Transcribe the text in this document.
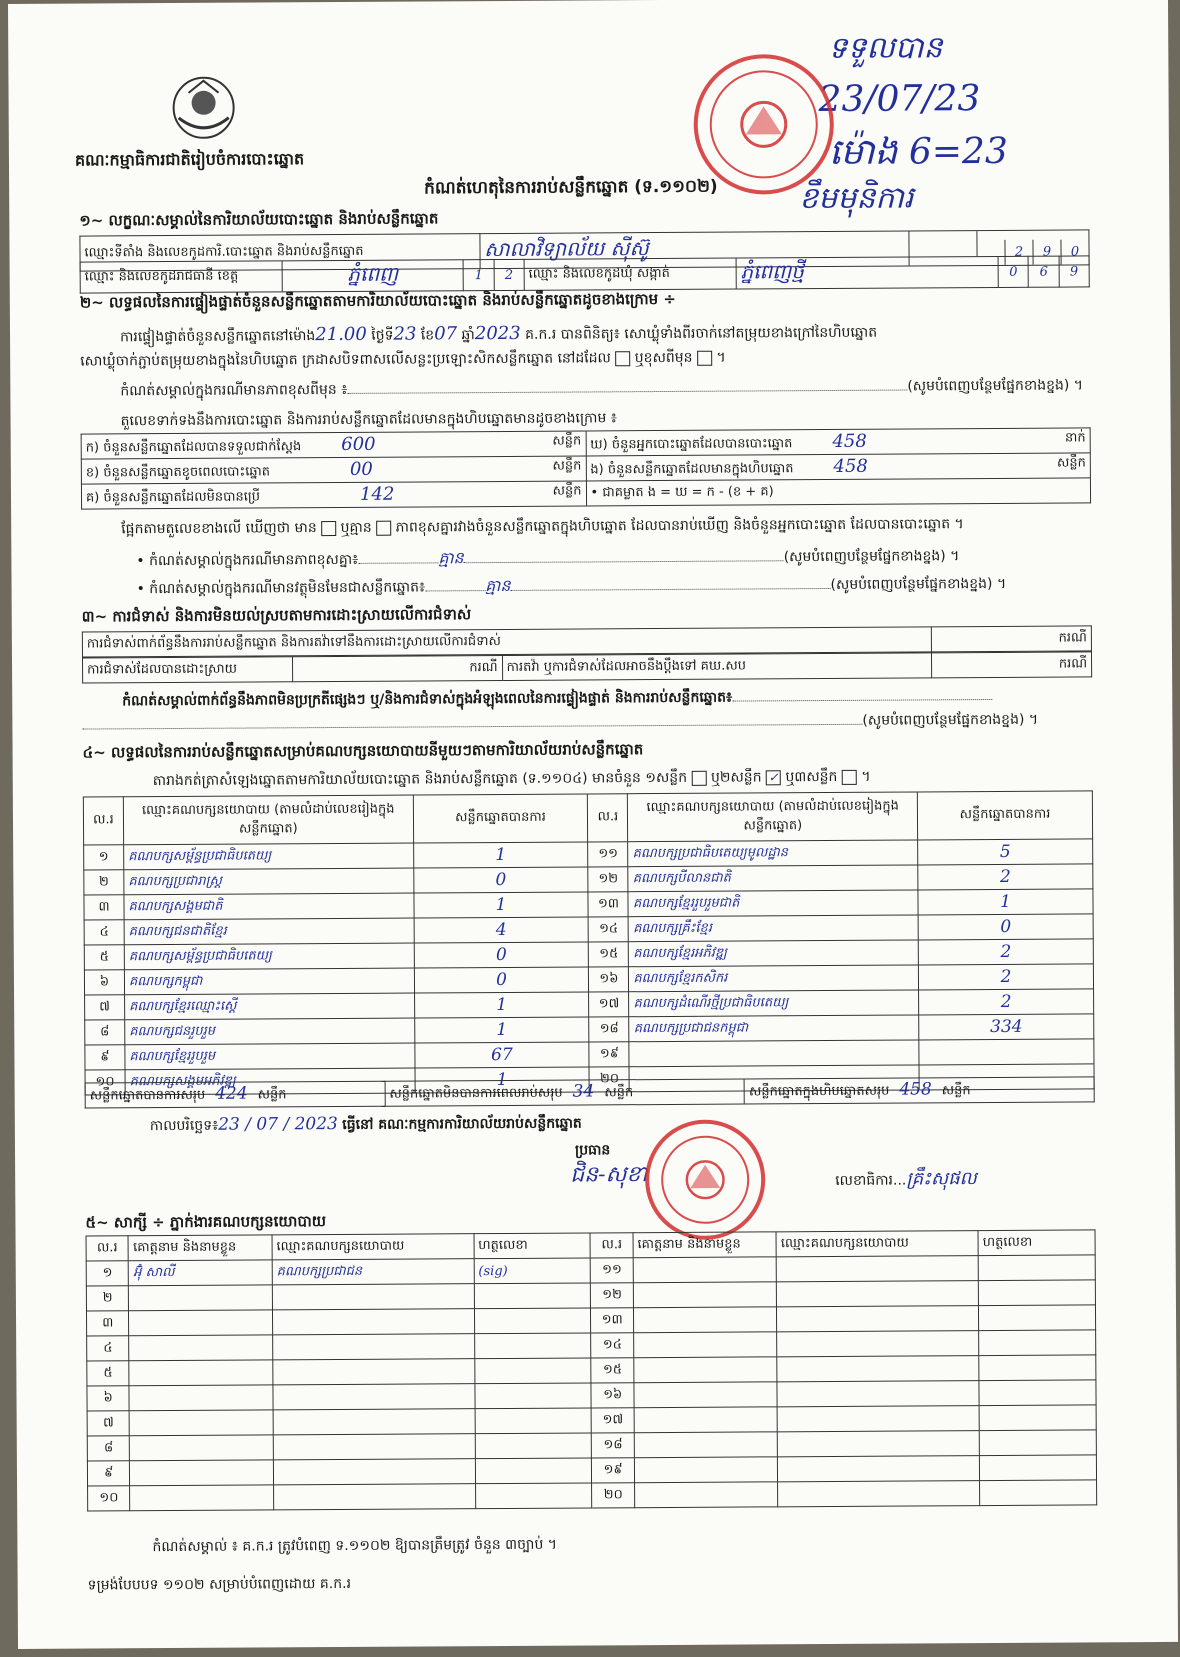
គណៈកម្មាធិការជាតិរៀបចំការបោះឆ្នោត
កំណត់ហេតុនៃការរាប់សន្លឹកឆ្នោត (ទ.១១០២)
ទទួលបាន
23/07/23
ម៉ោង 6=23
ខឹមមុនិការ
១~ លក្ខណៈសម្គាល់នៃការិយាល័យបោះឆ្នោត និងរាប់សន្លឹកឆ្នោត
ឈ្មោះទីតាំង និងលេខកូដការិ.បោះឆ្នោត និងរាប់សន្លឹកឆ្នោត	សាលាវិទ្យាល័យ ស៊ីស៊ូ	2 9 0
ឈ្មោះ និងលេខកូដរាជធានី ខេត្ត	ភ្នំពេញ	1	2	ឈ្មោះ និងលេខកូដឃុំ សង្កាត់	ភ្នំពេញថ្មី	0	6	9
២~ លទ្ធផលនៃការផ្ទៀងផ្ទាត់ចំនួនសន្លឹកឆ្នោតតាមការិយាល័យបោះឆ្នោត និងរាប់សន្លឹកឆ្នោតដូចខាងក្រោម ÷
ការផ្ទៀងផ្ទាត់ចំនួនសន្លឹកឆ្នោតនៅម៉ោង21.00 ថ្ងៃទី23 ខែ07 ឆ្នាំ2023 គ.ក.រ បានពិនិត្យ៖ សោឃ្លុំទាំងពីរចាក់នៅតម្រុយខាងក្រៅនៃហិបឆ្នោត
សោឃ្លុំចាក់ភ្ជាប់តម្រុយខាងក្នុងនៃហិបឆ្នោត ក្រដាសបិទពាសលើសន្លះប្រឡោះសិកសន្លឹកឆ្នោត នៅដដែល ឬខុសពីមុន  ។
កំណត់សម្គាល់ក្នុងករណីមានភាពខុសពីមុន ៖	(សូមបំពេញបន្ថែមផ្នែកខាងខ្នង) ។
តួលេខទាក់ទងនឹងការបោះឆ្នោត និងការរាប់សន្លឹកឆ្នោតដែលមានក្នុងហិបឆ្នោតមានដូចខាងក្រោម ៖
ក) ចំនួនសន្លឹកឆ្នោតដែលបានទទួលជាក់ស្តែង 600 សន្លឹក	ឃ) ចំនួនអ្នកបោះឆ្នោតដែលបានបោះឆ្នោត 458 នាក់

ខ) ចំនួនសន្លឹកឆ្នោតខូចពេលបោះឆ្នោត 00 សន្លឹក	ង) ចំនួនសន្លឹកឆ្នោតដែលមានក្នុងហិបឆ្នោត 458 សន្លឹក

គ) ចំនួនសន្លឹកឆ្នោតដែលមិនបានប្រើ 142 សន្លឹក	• ជាគម្លាត ង = ឃ = ក - (ខ + គ)
ផ្អែកតាមតួលេខខាងលើ ឃើញថា មាន ឬគ្មាន ភាពខុសគ្នារវាងចំនួនសន្លឹកឆ្នោតក្នុងហិបឆ្នោត ដែលបានរាប់ឃើញ និងចំនួនអ្នកបោះឆ្នោត ដែលបានបោះឆ្នោត ។
• កំណត់សម្គាល់ក្នុងករណីមានភាពខុសគ្នា៖	គ្មាន	(សូមបំពេញបន្ថែមផ្នែកខាងខ្នង) ។
• កំណត់សម្គាល់ក្នុងករណីមានវត្ថុមិនមែនជាសន្លឹកឆ្នោត៖	គ្មាន	(សូមបំពេញបន្ថែមផ្នែកខាងខ្នង) ។
៣~ ការជំទាស់ និងការមិនយល់ស្របតាមការដោះស្រាយលើការជំទាស់
ការជំទាស់ពាក់ព័ន្ធនឹងការរាប់សន្លឹកឆ្នោត និងការតវ៉ាទៅនឹងការដោះស្រាយលើការជំទាស់	ករណី
ការជំទាស់ដែលបានដោះស្រាយ	ករណី	ការតវ៉ា ឬការជំទាស់ដែលអាចនឹងប្តឹងទៅ គឃ.សប	ករណី
កំណត់សម្គាល់ពាក់ព័ន្ធនឹងភាពមិនប្រក្រតីផ្សេងៗ ឬ/និងការជំទាស់ក្នុងអំឡុងពេលនៃការផ្ទៀងផ្ទាត់ និងការរាប់សន្លឹកឆ្នោត៖
(សូមបំពេញបន្ថែមផ្នែកខាងខ្នង) ។
៤~ លទ្ធផលនៃការរាប់សន្លឹកឆ្នោតសម្រាប់គណបក្សនយោបាយនីមួយៗតាមការិយាល័យរាប់សន្លឹកឆ្នោត
តារាងកត់ត្រាសំឡេងឆ្នោតតាមការិយាល័យបោះឆ្នោត និងរាប់សន្លឹកឆ្នោត (ទ.១១០៤) មានចំនួន ១សន្លឹក ឬ២សន្លឹក ✓ ឬ៣សន្លឹក  ។
ល.រ	ឈ្មោះគណបក្សនយោបាយ (តាមលំដាប់លេខរៀងក្នុងសន្លឹកឆ្នោត)	សន្លឹកឆ្នោតបានការ	ល.រ	ឈ្មោះគណបក្សនយោបាយ (តាមលំដាប់លេខរៀងក្នុងសន្លឹកឆ្នោត)	សន្លឹកឆ្នោតបានការ
១	គណបក្សសម្ព័ន្ធប្រជាធិបតេយ្យ	1	១១	គណបក្សប្រជាធិបតេយ្យមូលដ្ឋាន	5
២	គណបក្សប្រជារាស្ត្រ	0	១២	គណបក្សបីលានជាតិ	2
៣	គណបក្សសង្គមជាតិ	1	១៣	គណបក្សខ្មែររួបរួមជាតិ	1
៤	គណបក្សជនជាតិខ្មែរ	4	១៤	គណបក្សគ្រឹះខ្មែរ	0
៥	គណបក្សសម្ព័ន្ធប្រជាធិបតេយ្យ	0	១៥	គណបក្សខ្មែរអភិវឌ្ឍ	2
៦	គណបក្សកម្ពុជា	0	១៦	គណបក្សខ្មែរកសិករ	2
៧	គណបក្សខ្មែរឈ្មោះស្តើ	1	១៧	គណបក្សដំណើរថ្មីប្រជាធិបតេយ្យ	2
៨	គណបក្សជនរួបរួម	1	១៨	គណបក្សប្រជាជនកម្ពុជា	334
៩	គណបក្សខ្មែររួបរួម	67	១៩		
១០	គណបក្សសង្គមអភិវឌ្ឍ	1	២០		
សន្លឹកឆ្នោតបានការសរុប 424 សន្លឹក	សន្លឹកឆ្នោតមិនបានការពេលរាប់សរុប 34 សន្លឹក	សន្លឹកឆ្នោតក្នុងហិបឆ្នោតសរុប 458 សន្លឹក
កាលបរិច្ឆេទ៖23 / 07 / 2023 ធ្វើនៅ គណៈកម្មការការិយាល័យរាប់សន្លឹកឆ្នោត
ប្រធាន
ជិន-សុខា	លេខាធិការ...គ្រឹះសុផល
៥~ សាក្សី ÷ ភ្នាក់ងារគណបក្សនយោបាយ
ល.រ	គោត្តនាម និងនាមខ្លួន	ឈ្មោះគណបក្សនយោបាយ	ហត្ថលេខា	ល.រ	គោត្តនាម និងនាមខ្លួន	ឈ្មោះគណបក្សនយោបាយ	ហត្ថលេខា
១	អ៊ុំ សាលី	គណបក្សប្រជាជន	(sig)	១១			
២				១២			
៣				១៣			
៤				១៤			
៥				១៥			
៦				១៦			
៧				១៧			
៨				១៨			
៩				១៩			
១០				២០			
កំណត់សម្គាល់ ៖ គ.ក.រ ត្រូវបំពេញ ទ.១១០២ ឱ្យបានត្រឹមត្រូវ ចំនួន ៣ច្បាប់ ។
ទម្រង់បែបបទ ១១០២ សម្រាប់បំពេញដោយ គ.ក.រ
